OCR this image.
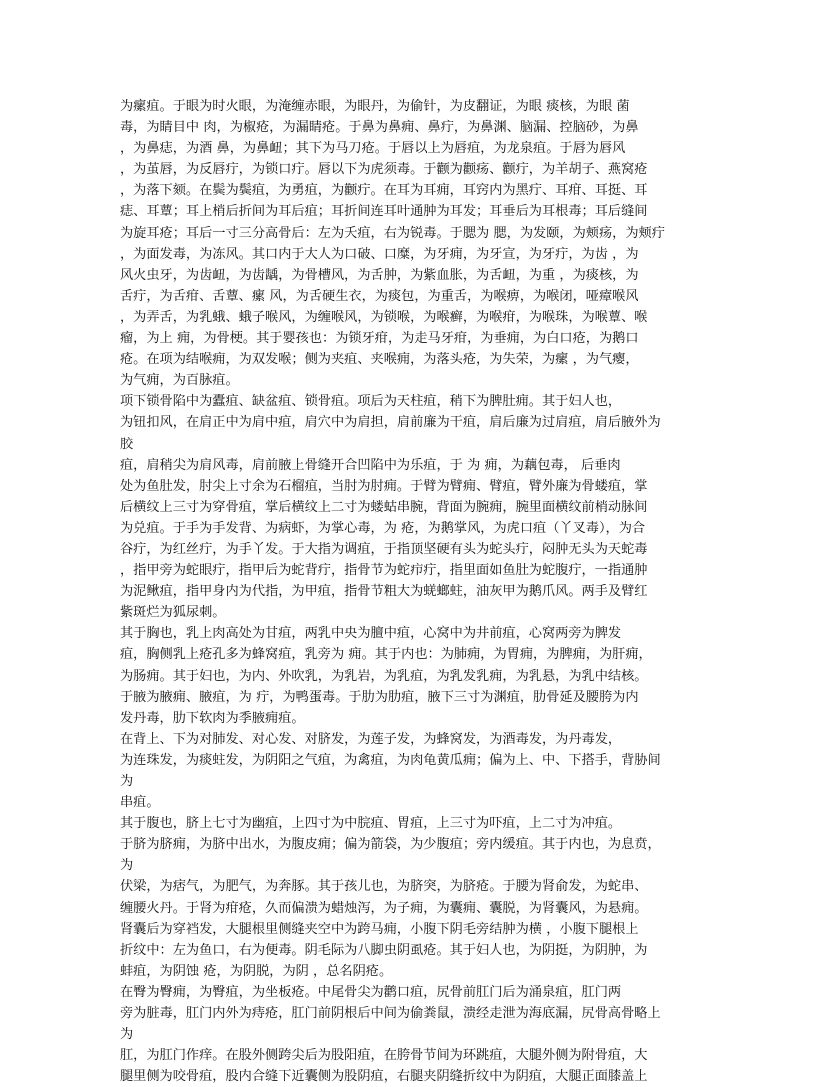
为瘰疽。于眼为时火眼，为淹缠赤眼，为眼丹，为偷针，为皮翻证，为眼 痰核，为眼 菌
毒，为睛目中 肉，为椒疮，为漏睛疮。于鼻为鼻痈、鼻疔，为鼻渊、脑漏、控脑砂，为鼻
，为鼻痣，为酒 鼻，为鼻衄；其下为马刀疮。于唇以上为唇疽，为龙泉疽。于唇为唇风
，为茧唇，为反唇疔，为锁口疔。唇以下为虎须毒。于颧为颧疡、颧疔，为羊胡子、燕窝疮
，为落下颏。在鬓为鬓疽，为勇疽，为颧疔。在耳为耳痈，耳窍内为黑疔、耳疳、耳挺、耳
痣、耳蕈；耳上梢后折间为耳后疽；耳折间连耳叶通肿为耳发；耳垂后为耳根毒；耳后缝间
为旋耳疮；耳后一寸三分高骨后：左为夭疽，右为锐毒。于腮为 腮，为发颐，为颊疡，为颊疔
，为面发毒，为冻风。其口内于大人为口破、口糜，为牙痈，为牙宣，为牙疔，为齿 ，为
风火虫牙，为齿衄，为齿龋，为骨槽风，为舌肿，为紫血胀，为舌衄，为重 ，为痰核，为
舌疔，为舌疳、舌蕈、瘰 风，为舌硬生衣，为痰包，为重舌，为喉痹，为喉闭，哑瘴喉风
，为弄舌，为乳蛾、蛾子喉风，为缠喉风，为锁喉，为喉癣，为喉疳，为喉珠，为喉蕈、喉
瘤，为上 痈，为骨梗。其于婴孩也：为锁牙疳，为走马牙疳，为垂痈，为白口疮，为鹅口
疮。在项为结喉痈，为双发喉；侧为夹疽、夹喉痈，为落头疮，为失荣，为瘰 ，为气瘿，
为气痈，为百脉疽。
项下锁骨陷中为蠹疽、缺盆疽、锁骨疽。项后为天柱疽，稍下为脾肚痈。其于妇人也，
为钮扣风，在肩正中为肩中疽，肩穴中为肩担，肩前廉为干疽，肩后廉为过肩疽，肩后腋外为
胶
疽，肩稍尖为肩风毒，肩前腋上骨缝开合凹陷中为乐疽，于 为 痈，为藕包毒， 后垂肉
处为鱼肚发，肘尖上寸余为石榴疽，当肘为肘痈。于臂为臂痈、臂疽，臂外廉为骨蝼疽，掌
后横纹上三寸为穿骨疽，掌后横纹上二寸为蝼蛄串腕，背面为腕痈，腕里面横纹前梢动脉间
为兑疽。于手为手发背、为病虾，为掌心毒，为 疮，为鹅掌风，为虎口疽（丫叉毒），为合
谷疔，为红丝疔，为手丫发。于大指为调疽，于指顶坚硬有头为蛇头疔，闷肿无头为天蛇毒
，指甲旁为蛇眼疔，指甲后为蛇背疔，指骨节为蛇疖疔，指里面如鱼肚为蛇腹疔，一指通肿
为泥鳅疽，指甲身内为代指，为甲疽，指骨节粗大为蜣螂蛀，油灰甲为鹅爪风。两手及臂红
紫斑烂为狐尿刺。
其于胸也，乳上肉高处为甘疽，两乳中央为膻中疽，心窝中为井前疽，心窝两旁为脾发
疽，胸侧乳上疮孔多为蜂窝疽，乳旁为 痈。其于内也：为肺痈，为胃痈，为脾痈，为肝痈，
为肠痈。其于妇也，为内、外吹乳，为乳岩，为乳疽，为乳发乳痈，为乳悬，为乳中结核。
于腋为腋痈、腋疽，为 疔，为鸭蛋毒。于肋为肋疽，腋下三寸为渊疽，肋骨延及腰胯为内
发丹毒，肋下软肉为季腋痈疽。
在背上、下为对肺发、对心发、对脐发，为莲子发，为蜂窝发，为酒毒发，为丹毒发，
为连珠发，为痰蛀发，为阴阳之气疽，为禽疽，为肉龟黄瓜痈；偏为上、中、下搭手，背胁间
为
串疽。
其于腹也，脐上七寸为幽疽，上四寸为中脘疽、胃疽，上三寸为吓疽，上二寸为冲疽。
于脐为脐痈，为脐中出水，为腹皮痈；偏为箭袋，为少腹疽；旁内缓疽。其于内也，为息贲，
为
伏梁，为痞气，为肥气，为奔豚。其于孩儿也，为脐突，为脐疮。于腰为肾俞发，为蛇串、
缠腰火丹。于肾为疳疮，久而偏溃为蜡烛泻，为子痈，为囊痈、囊脱，为肾囊风，为悬痈。
肾囊后为穿裆发，大腿根里侧缝夹空中为跨马痈，小腹下阴毛旁结肿为横 ，小腹下腿根上
折纹中：左为鱼口，右为便毒。阴毛际为八脚虫阴虱疮。其于妇人也，为阴挺，为阴肿，为
蚌疽，为阴蚀 疮，为阴脱，为阴 ，总名阴疮。
在臀为臀痈，为臀疽，为坐板疮。中尾骨尖为鹳口疽，尻骨前肛门后为涌泉疽，肛门两
旁为脏毒，肛门内外为痔疮，肛门前阴根后中间为偷粪鼠，溃经走泄为海底漏，尻骨高骨略上
为
肛，为肛门作痒。在股外侧跨尖后为股阳疽，在胯骨节间为环跳疽，大腿外侧为附骨疽，大
腿里侧为咬骨疽，股内合缝下近囊侧为股阴疽，右腿夹阴缝折纹中为阴疽，大腿正面膝盖上
